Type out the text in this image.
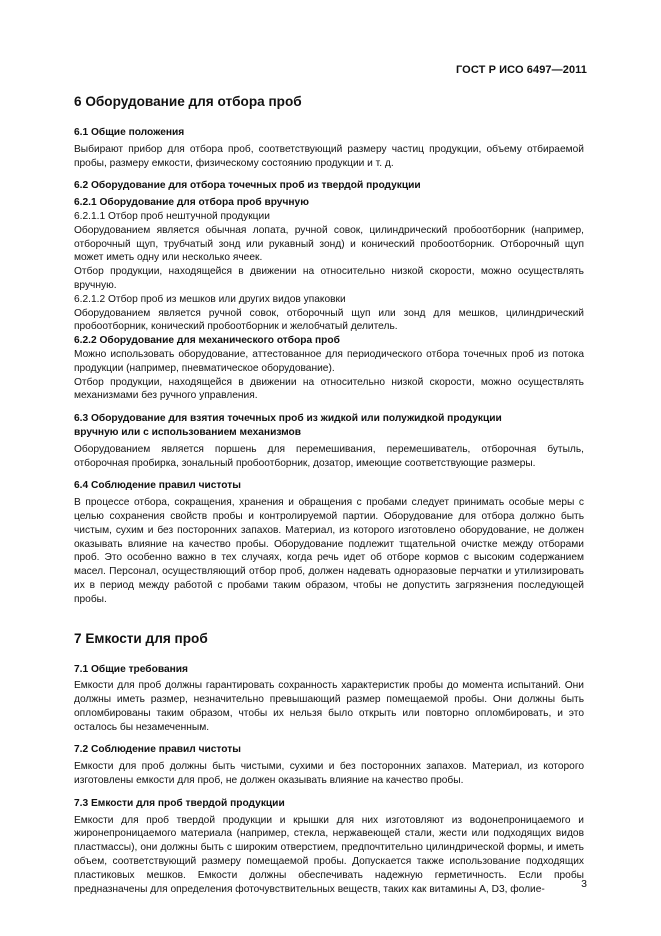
ГОСТ Р ИСО 6497—2011
6 Оборудование для отбора проб
6.1 Общие положения

Выбирают прибор для отбора проб, соответствующий размеру частиц продукции, объему отбираемой пробы, размеру емкости, физическому состоянию продукции и т. д.

6.2 Оборудование для отбора точечных проб из твердой продукции
6.2.1 Оборудование для отбора проб вручную
6.2.1.1 Отбор проб нештучной продукции

Оборудованием является обычная лопата, ручной совок, цилиндрический пробоотборник (например, отборочный щуп, трубчатый зонд или рукавный зонд) и конический пробоотборник. Отборочный щуп может иметь одну или несколько ячеек.

Отбор продукции, находящейся в движении на относительно низкой скорости, можно осуществлять вручную.

6.2.1.2 Отбор проб из мешков или других видов упаковки

Оборудованием является ручной совок, отборочный щуп или зонд для мешков, цилиндрический пробоотборник, конический пробоотборник и желобчатый делитель.

6.2.2 Оборудование для механического отбора проб

Можно использовать оборудование, аттестованное для периодического отбора точечных проб из потока продукции (например, пневматическое оборудование).

Отбор продукции, находящейся в движении на относительно низкой скорости, можно осуществлять механизмами без ручного управления.

6.3 Оборудование для взятия точечных проб из жидкой или полужидкой продукции
вручную или с использованием механизмов

Оборудованием является поршень для перемешивания, перемешиватель, отборочная бутыль, отборочная пробирка, зональный пробоотборник, дозатор, имеющие соответствующие размеры.

6.4 Соблюдение правил чистоты

В процессе отбора, сокращения, хранения и обращения с пробами следует принимать особые меры с целью сохранения свойств пробы и контролируемой партии. Оборудование для отбора должно быть чистым, сухим и без посторонних запахов. Материал, из которого изготовлено оборудование, не должен оказывать влияние на качество пробы. Оборудование подлежит тщательной очистке между отборами проб. Это особенно важно в тех случаях, когда речь идет об отборе кормов с высоким содержанием масел. Персонал, осуществляющий отбор проб, должен надевать одноразовые перчатки и утилизировать их в период между работой с пробами таким образом, чтобы не допустить загрязнения последующей пробы.

7 Емкости для проб
7.1 Общие требования

Емкости для проб должны гарантировать сохранность характеристик пробы до момента испытаний. Они должны иметь размер, незначительно превышающий размер помещаемой пробы. Они должны быть опломбированы таким образом, чтобы их нельзя было открыть или повторно опломбировать, и это осталось бы незамеченным.

7.2 Соблюдение правил чистоты

Емкости для проб должны быть чистыми, сухими и без посторонних запахов. Материал, из которого изготовлены емкости для проб, не должен оказывать влияние на качество пробы.

7.3 Емкости для проб твердой продукции

Емкости для проб твердой продукции и крышки для них изготовляют из водонепроницаемого и жиронепроницаемого материала (например, стекла, нержавеющей стали, жести или подходящих видов пластмассы), они должны быть с широким отверстием, предпочтительно цилиндрической формы, и иметь объем, соответствующий размеру помещаемой пробы. Допускается также использование подходящих пластиковых мешков. Емкости должны обеспечивать надежную герметичность. Если пробы предназначены для определения фоточувствительных веществ, таких как витамины A, D3, фолие-	3
